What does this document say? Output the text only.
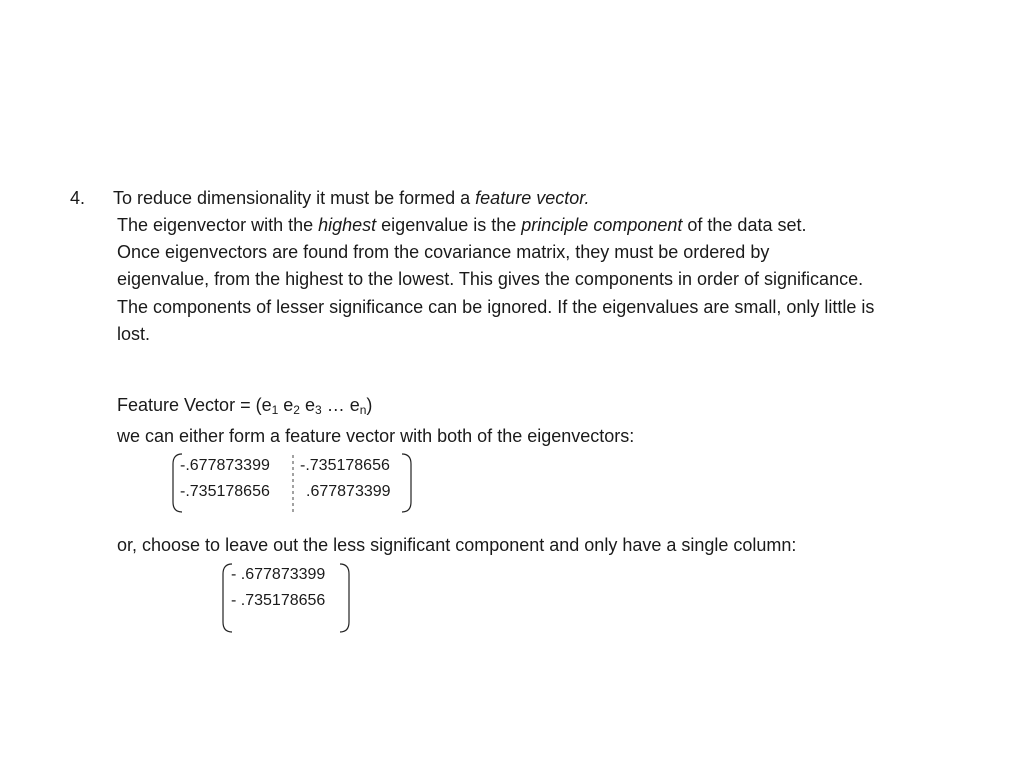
4. To reduce dimensionality it must be formed a feature vector.
The eigenvector with the highest eigenvalue is the principle component of the data set.
Once eigenvectors are found from the covariance matrix, they must be ordered by
eigenvalue, from the highest to the lowest. This gives the components in order of significance.
The components of lesser significance can be ignored. If the eigenvalues are small, only little is
lost.
Feature Vector = ($e_1$ $e_2$ $e_3$ … $e_n$)
we can either form a feature vector with both of the eigenvectors:
-.677873399 -.735178656
-.735178656 .677873399
or, choose to leave out the less significant component and only have a single column:
- .677873399
- .735178656
